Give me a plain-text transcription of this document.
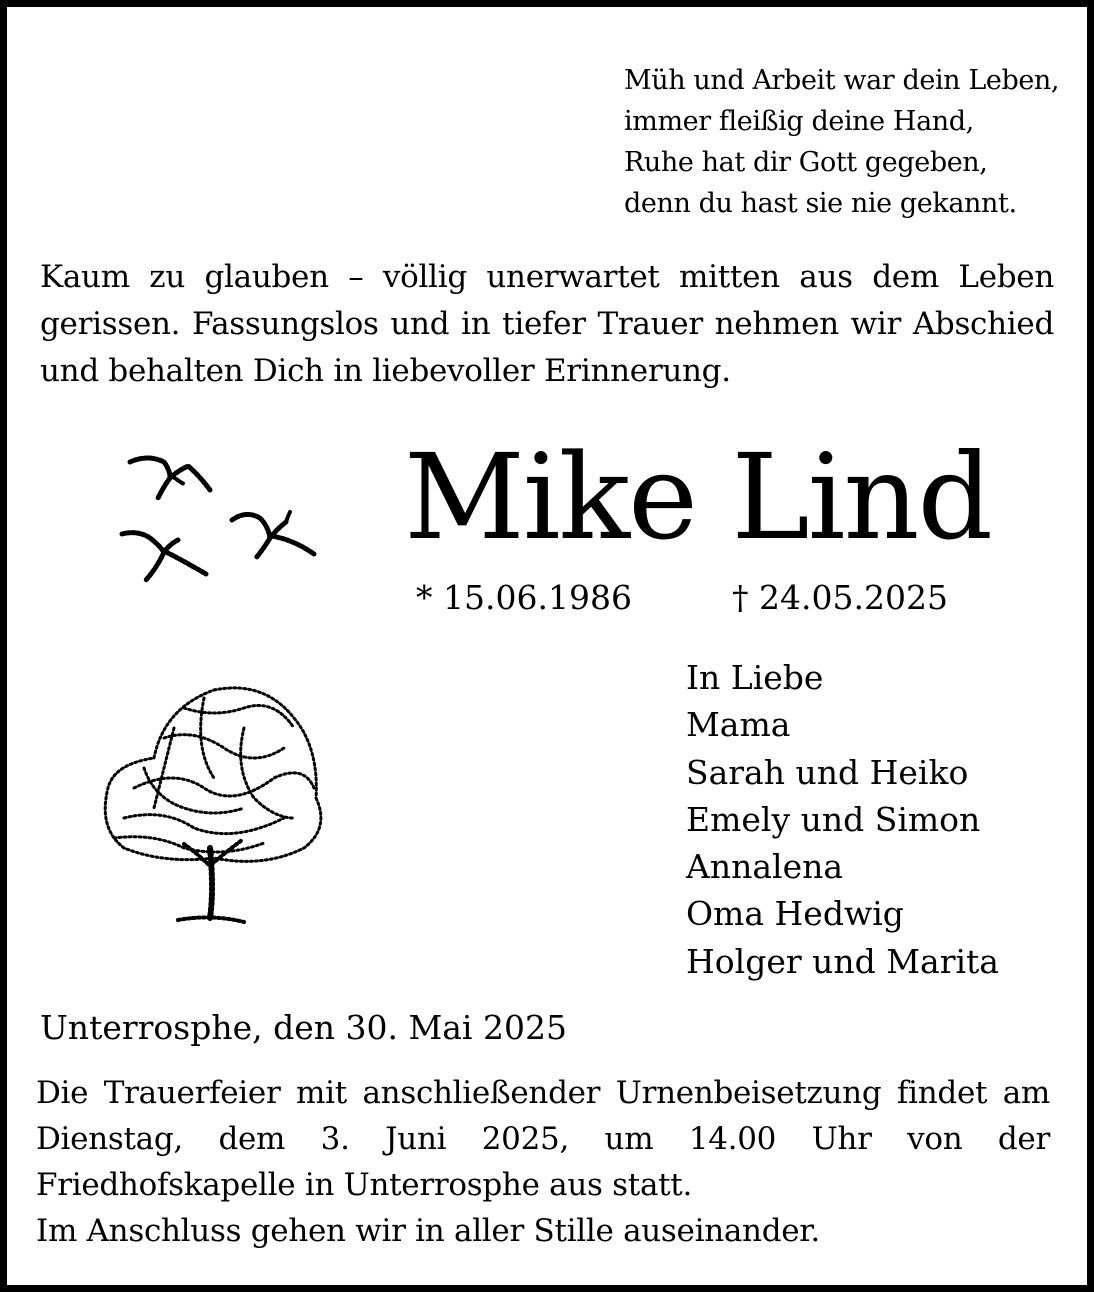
Müh und Arbeit war dein Leben,
immer fleißig deine Hand,
Ruhe hat dir Gott gegeben,
denn du hast sie nie gekannt.
Kaum zu glauben – völlig unerwartet mitten aus dem Leben gerissen. Fassungslos und in tiefer Trauer nehmen wir Abschied und behalten Dich in liebevoller Erinnerung.
Mike Lind
* 15.06.1986	† 24.05.2025
In Liebe
Mama
Sarah und Heiko
Emely und Simon
Annalena
Oma Hedwig
Holger und Marita
Unterrosphe, den 30. Mai 2025
Die Trauerfeier mit anschließender Urnenbeisetzung findet am Dienstag, dem 3. Juni 2025, um 14.00 Uhr von der Friedhofskapelle in Unterrosphe aus statt.
Im Anschluss gehen wir in aller Stille auseinander.
